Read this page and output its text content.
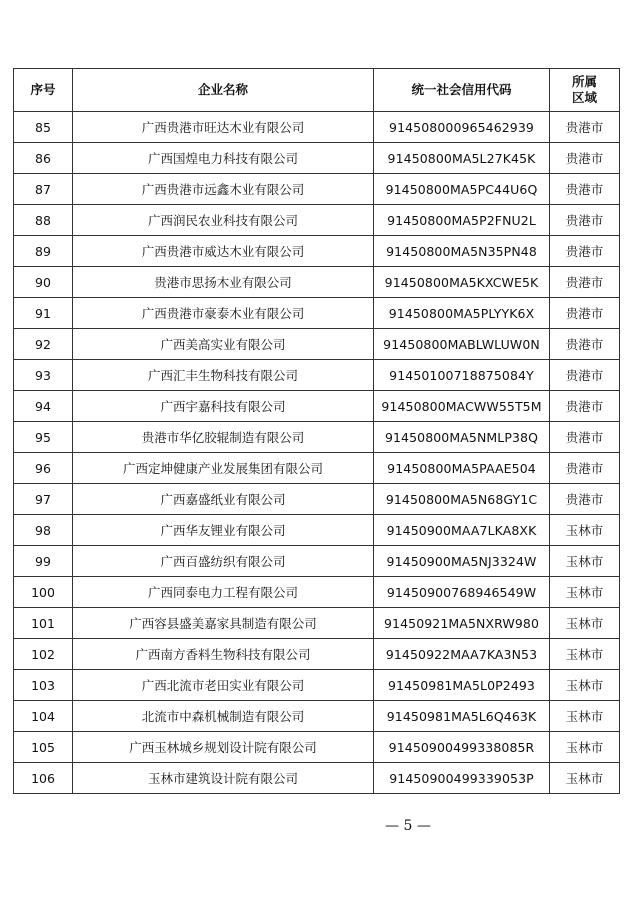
序号	企业名称	统一社会信用代码	所属
区域

85	广西贵港市旺达木业有限公司	914508000965462939	贵港市
86	广西国煌电力科技有限公司	91450800MA5L27K45K	贵港市
87	广西贵港市远鑫木业有限公司	91450800MA5PC44U6Q	贵港市
88	广西润民农业科技有限公司	91450800MA5P2FNU2L	贵港市
89	广西贵港市威达木业有限公司	91450800MA5N35PN48	贵港市
90	贵港市思扬木业有限公司	91450800MA5KXCWE5K	贵港市
91	广西贵港市豪泰木业有限公司	91450800MA5PLYYK6X	贵港市
92	广西美高实业有限公司	91450800MABLWLUW0N	贵港市
93	广西汇丰生物科技有限公司	91450100718875084Y	贵港市
94	广西宇嘉科技有限公司	91450800MACWW55T5M	贵港市
95	贵港市华亿胶辊制造有限公司	91450800MA5NMLP38Q	贵港市
96	广西定坤健康产业发展集团有限公司	91450800MA5PAAE504	贵港市
97	广西嘉盛纸业有限公司	91450800MA5N68GY1C	贵港市
98	广西华友锂业有限公司	91450900MAA7LKA8XK	玉林市
99	广西百盛纺织有限公司	91450900MA5NJ3324W	玉林市
100	广西同泰电力工程有限公司	914509007689465​49W	玉林市
101	广西容县盛美嘉家具制造有限公司	91450921MA5NXRW980	玉林市
102	广西南方香料生物科技有限公司	91450922MAA7KA3N53	玉林市
103	广西北流市老田实业有限公司	91450981MA5L0P2493	玉林市
104	北流市中森机械制造有限公司	91450981MA5L6Q463K	玉林市
105	广西玉林城乡规划设计院有限公司	91450900499338085R	玉林市
106	玉林市建筑设计院有限公司	91450900499339053P	玉林市
— 5 —
